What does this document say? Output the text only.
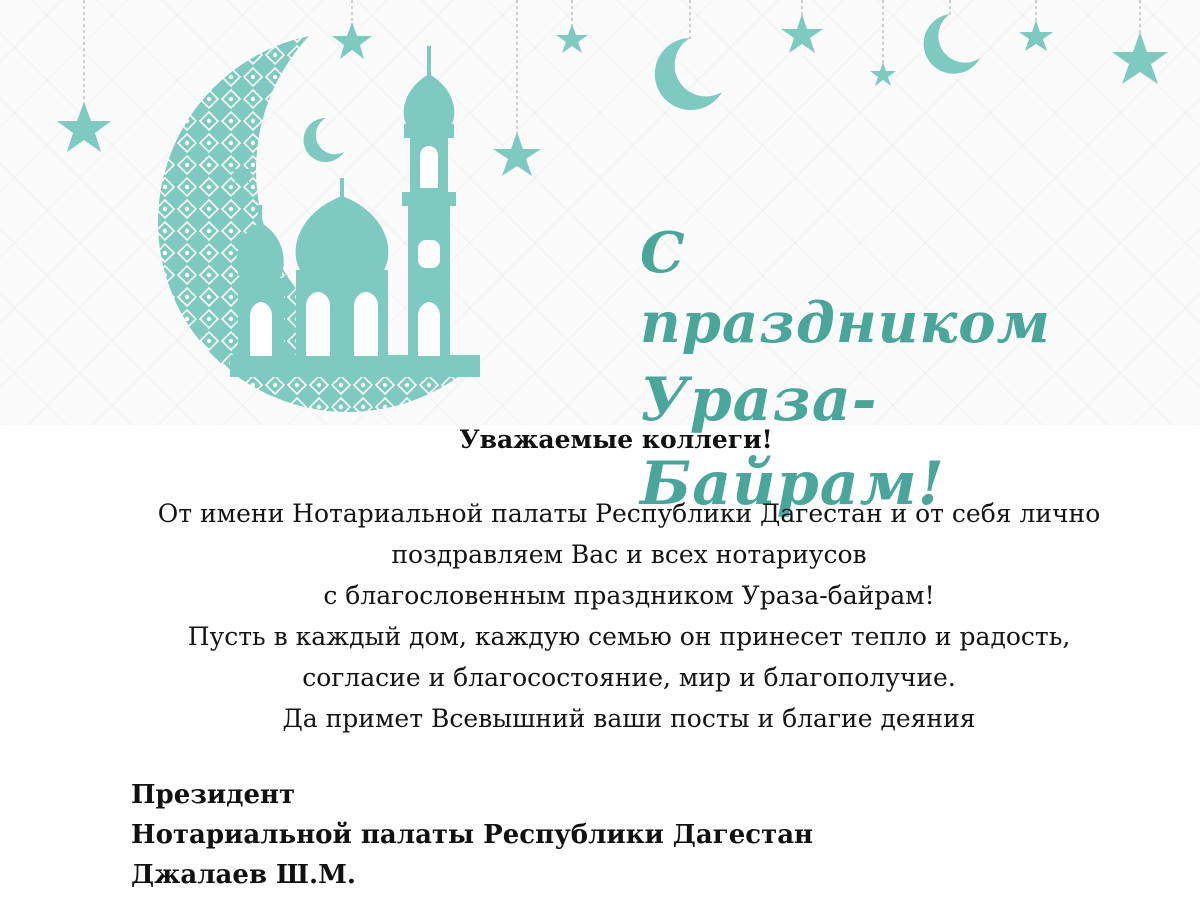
С праздником
Ураза-Байрам!
Уважаемые коллеги!
От имени Нотариальной палаты Республики Дагестан и от себя лично
поздравляем Вас и всех нотариусов
с благословенным праздником Ураза-байрам!
Пусть в каждый дом, каждую семью он принесет тепло и радость,
согласие и благосостояние, мир и благополучие.
Да примет Всевышний ваши посты и благие деяния
Президент
Нотариальной палаты Республики Дагестан
Джалаев Ш.М.
